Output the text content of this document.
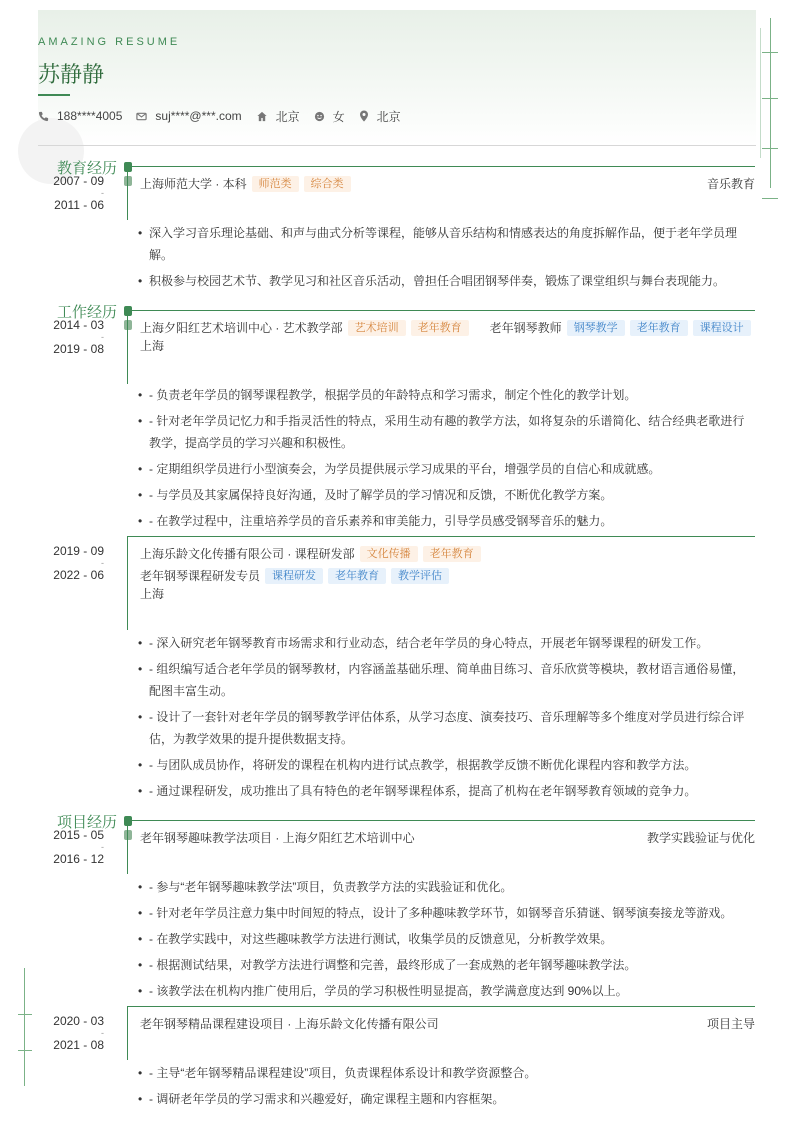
AMAZING RESUME
苏静静
188****4005	suj****@***.com	北京	女	北京
教育经历
2007 - 09
-
2011 - 06
上海师范大学 · 本科	师范类	综合类	音乐教育
• 深入学习音乐理论基础、和声与曲式分析等课程，能够从音乐结构和情感表达的角度拆解作品，便于老年学员理解。
• 积极参与校园艺术节、教学见习和社区音乐活动，曾担任合唱团钢琴伴奏，锻炼了课堂组织与舞台表现能力。
工作经历
2014 - 03
-
2019 - 08
上海夕阳红艺术培训中心 · 艺术教学部	艺术培训	老年教育	老年钢琴教师	钢琴教学	老年教育	课程设计
上海
• - 负责老年学员的钢琴课程教学，根据学员的年龄特点和学习需求，制定个性化的教学计划。
• - 针对老年学员记忆力和手指灵活性的特点，采用生动有趣的教学方法，如将复杂的乐谱简化、结合经典老歌进行教学，提高学员的学习兴趣和积极性。
• - 定期组织学员进行小型演奏会，为学员提供展示学习成果的平台，增强学员的自信心和成就感。
• - 与学员及其家属保持良好沟通，及时了解学员的学习情况和反馈，不断优化教学方案。
• - 在教学过程中，注重培养学员的音乐素养和审美能力，引导学员感受钢琴音乐的魅力。
2019 - 09
-
2022 - 06
上海乐龄文化传播有限公司 · 课程研发部	文化传播	老年教育
老年钢琴课程研发专员	课程研发	老年教育	教学评估
上海
• - 深入研究老年钢琴教育市场需求和行业动态，结合老年学员的身心特点，开展老年钢琴课程的研发工作。
• - 组织编写适合老年学员的钢琴教材，内容涵盖基础乐理、简单曲目练习、音乐欣赏等模块，教材语言通俗易懂，配图丰富生动。
• - 设计了一套针对老年学员的钢琴教学评估体系，从学习态度、演奏技巧、音乐理解等多个维度对学员进行综合评估，为教学效果的提升提供数据支持。
• - 与团队成员协作，将研发的课程在机构内进行试点教学，根据教学反馈不断优化课程内容和教学方法。
• - 通过课程研发，成功推出了具有特色的老年钢琴课程体系，提高了机构在老年钢琴教育领域的竞争力。
项目经历
2015 - 05
-
2016 - 12
老年钢琴趣味教学法项目 · 上海夕阳红艺术培训中心	教学实践验证与优化
• - 参与“老年钢琴趣味教学法”项目，负责教学方法的实践验证和优化。
• - 针对老年学员注意力集中时间短的特点，设计了多种趣味教学环节，如钢琴音乐猜谜、钢琴演奏接龙等游戏。
• - 在教学实践中，对这些趣味教学方法进行测试，收集学员的反馈意见，分析教学效果。
• - 根据测试结果，对教学方法进行调整和完善，最终形成了一套成熟的老年钢琴趣味教学法。
• - 该教学法在机构内推广使用后，学员的学习积极性明显提高，教学满意度达到 90%以上。
2020 - 03
-
2021 - 08
老年钢琴精品课程建设项目 · 上海乐龄文化传播有限公司	项目主导
• - 主导“老年钢琴精品课程建设”项目，负责课程体系设计和教学资源整合。
• - 调研老年学员的学习需求和兴趣爱好，确定课程主题和内容框架。
